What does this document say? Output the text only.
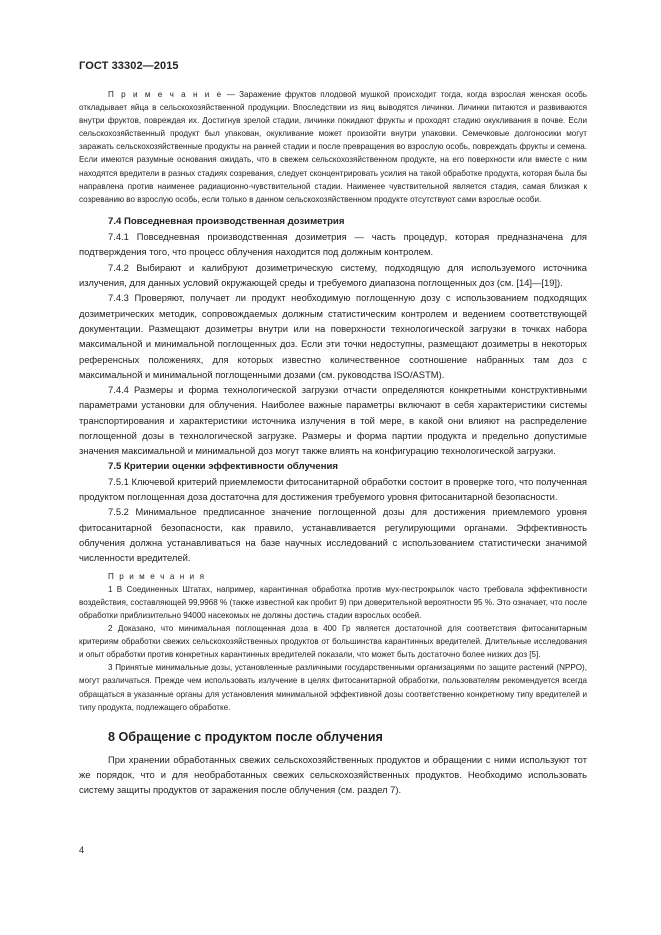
ГОСТ 33302—2015

П р и м е ч а н и е — Заражение фруктов плодовой мушкой происходит тогда, когда взрослая женская особь откладывает яйца в сельскохозяйственной продукции. Впоследствии из яиц выводятся личинки. Личинки питаются и развиваются внутри фруктов, повреждая их. Достигнув зрелой стадии, личинки покидают фрукты и проходят стадию окукливания в почве. Если сельскохозяйственный продукт был упакован, окукливание может произойти внутри упаковки. Семечковые долгоносики могут заражать сельскохозяйственные продукты на ранней стадии и после превращения во взрослую особь, повреждать фрукты и семена. Если имеются разумные основания ожидать, что в свежем сельскохозяйственном продукте, на его поверхности или вместе с ним находятся вредители в разных стадиях созревания, следует сконцентрировать усилия на такой обработке продукта, которая была бы направлена против наименее радиационно-чувствительной стадии. Наименее чувствительной является стадия, самая близкая к созреванию во взрослую особь, если только в данном сельскохозяйственном продукте отсутствуют сами взрослые особи.

7.4 Повседневная производственная дозиметрия

7.4.1 Повседневная производственная дозиметрия — часть процедур, которая предназначена для подтверждения того, что процесс облучения находится под должным контролем.

7.4.2 Выбирают и калибруют дозиметрическую систему, подходящую для используемого источника излучения, для данных условий окружающей среды и требуемого диапазона поглощенных доз (см. [14]—[19]).

7.4.3 Проверяют, получает ли продукт необходимую поглощенную дозу с использованием подходящих дозиметрических методик, сопровождаемых должным статистическим контролем и ведением соответствующей документации. Размещают дозиметры внутри или на поверхности технологической загрузки в точках набора максимальной и минимальной поглощенных доз. Если эти точки недоступны, размещают дозиметры в некоторых референсных положениях, для которых известно количественное соотношение набранных там доз с максимальной и минимальной поглощенными дозами (см. руководства ISO/ASTM).

7.4.4 Размеры и форма технологической загрузки отчасти определяются конкретными конструктивными параметрами установки для облучения. Наиболее важные параметры включают в себя характеристики системы транспортирования и характеристики источника излучения в той мере, в какой они влияют на распределение поглощенной дозы в технологической загрузке. Размеры и форма партии продукта и предельно допустимые значения максимальной и минимальной доз могут также влиять на конфигурацию технологической загрузки.

7.5 Критерии оценки эффективности облучения

7.5.1 Ключевой критерий приемлемости фитосанитарной обработки состоит в проверке того, что полученная продуктом поглощенная доза достаточна для достижения требуемого уровня фитосанитарной безопасности.

7.5.2 Минимальное предписанное значение поглощенной дозы для достижения приемлемого уровня фитосанитарной безопасности, как правило, устанавливается регулирующими органами. Эффективность облучения должна устанавливаться на базе научных исследований с использованием статистически значимой численности вредителей.

П р и м е ч а н и я

1 В Соединенных Штатах, например, карантинная обработка против мух-пестрокрылок часто требовала эффективности воздействия, составляющей 99,9968 % (также известной как пробит 9) при доверительной вероятности 95 %. Это означает, что после обработки приблизительно 94000 насекомых не должны достичь стадии взрослых особей.

2 Доказано, что минимальная поглощенная доза в 400 Гр является достаточной для соответствия фитосанитарным критериям обработки свежих сельскохозяйственных продуктов от большинства карантинных вредителей. Длительные исследования и опыт обработки против конкретных карантинных вредителей показали, что может быть достаточно более низких доз [5].

3 Принятые минимальные дозы, установленные различными государственными организациями по защите растений (NPPO), могут различаться. Прежде чем использовать излучение в целях фитосанитарной обработки, пользователям рекомендуется всегда обращаться в указанные органы для установления минимальной эффективной дозы соответственно конкретному типу вредителей и типу продукта, подлежащего обработке.

8 Обращение с продуктом после облучения

При хранении обработанных свежих сельскохозяйственных продуктов и обращении с ними используют тот же порядок, что и для необработанных свежих сельскохозяйственных продуктов. Необходимо использовать систему защиты продуктов от заражения после облучения (см. раздел 7).

4
